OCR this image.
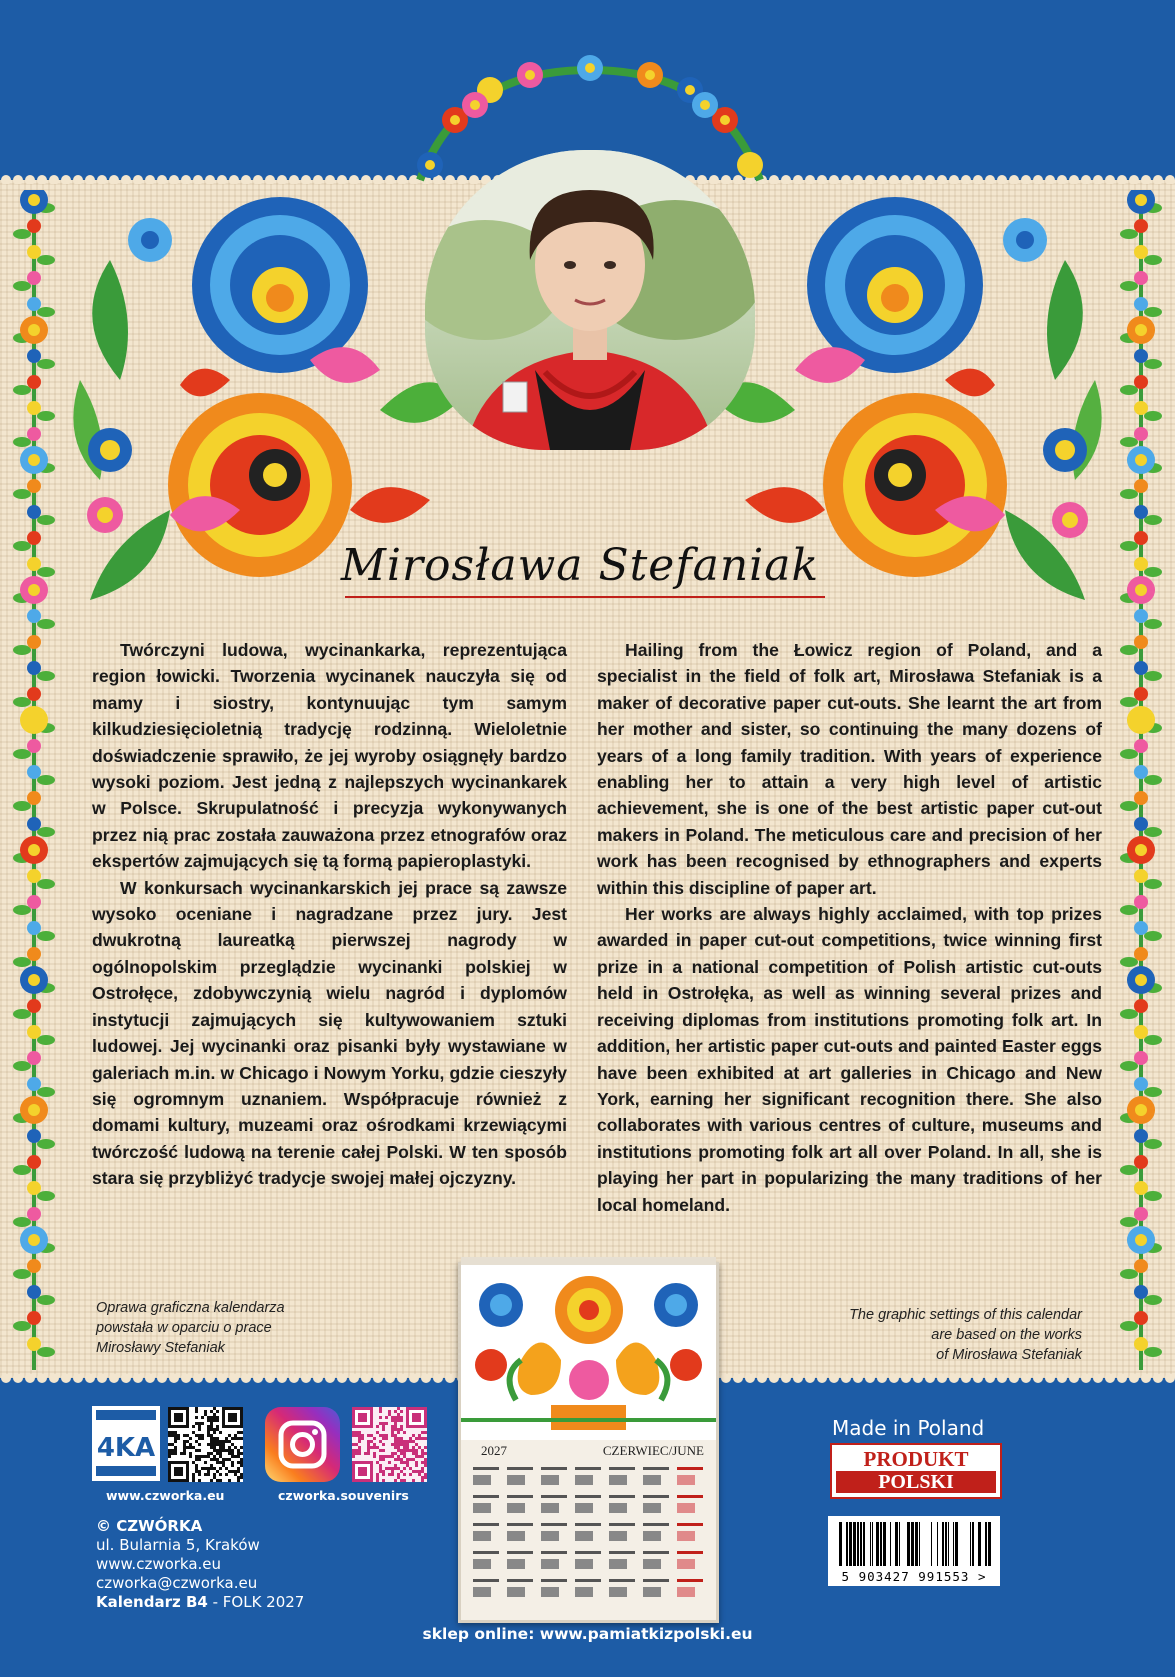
Mirosława Stefaniak

Twórczyni ludowa, wycinankarka, reprezentująca region łowicki. Tworzenia wycinanek nauczyła się od mamy i siostry, kontynuując tym samym kilkudziesięcioletnią tradycję rodzinną. Wieloletnie doświadczenie sprawiło, że jej wyroby osiągnęły bardzo wysoki poziom. Jest jedną z najlepszych wycinankarek w Polsce. Skrupulatność i precyzja wykonywanych przez nią prac została zauważona przez etnografów oraz ekspertów zajmujących się tą formą papieroplastyki.

W konkursach wycinankarskich jej prace są zawsze wysoko oceniane i nagradzane przez jury. Jest dwukrotną laureatką pierwszej nagrody w ogólnopolskim przeglądzie wycinanki polskiej w Ostrołęce, zdobywczynią wielu nagród i dyplomów instytucji zajmujących się kultywowaniem sztuki ludowej. Jej wycinanki oraz pisanki były wystawiane w galeriach m.in. w Chicago i Nowym Yorku, gdzie cieszyły się ogromnym uznaniem. Współpracuje również z domami kultury, muzeami oraz ośrodkami krzewiącymi twórczość ludową na terenie całej Polski. W ten sposób stara się przybliżyć tradycje swojej małej ojczyzny.

Hailing from the Łowicz region of Poland, and a specialist in the field of folk art, Mirosława Stefaniak is a maker of decorative paper cut-outs. She learnt the art from her mother and sister, so continuing the many dozens of years of a long family tradition. With years of experience enabling her to attain a very high level of artistic achievement, she is one of the best artistic paper cut-out makers in Poland. The meticulous care and precision of her work has been recognised by ethnographers and experts within this discipline of paper art.

Her works are always highly acclaimed, with top prizes awarded in paper cut-out competitions, twice winning first prize in a national competition of Polish artistic cut-outs held in Ostrołęka, as well as winning several prizes and receiving diplomas from institutions promoting folk art. In addition, her artistic paper cut-outs and painted Easter eggs have been exhibited at art galleries in Chicago and New York, earning her significant recognition there. She also collaborates with various centres of culture, museums and institutions promoting folk art all over Poland. In all, she is playing her part in popularizing the many traditions of her local homeland.

Oprawa graficzna kalendarza
powstała w oparciu o prace
Mirosławy Stefaniak
The graphic settings of this calendar
are based on the works
of Mirosława Stefaniak
2027	CZERWIEC/JUNE
4KA
www.czworka.eu	czworka.souvenirs
© CZWÓRKA
ul. Bularnia 5, Kraków
www.czworka.eu
czworka@czworka.eu
Kalendarz B4 - FOLK 2027
Made in Poland
PRODUKT
POLSKI
5 903427 991553 >
sklep online: www.pamiatkizpolski.eu
